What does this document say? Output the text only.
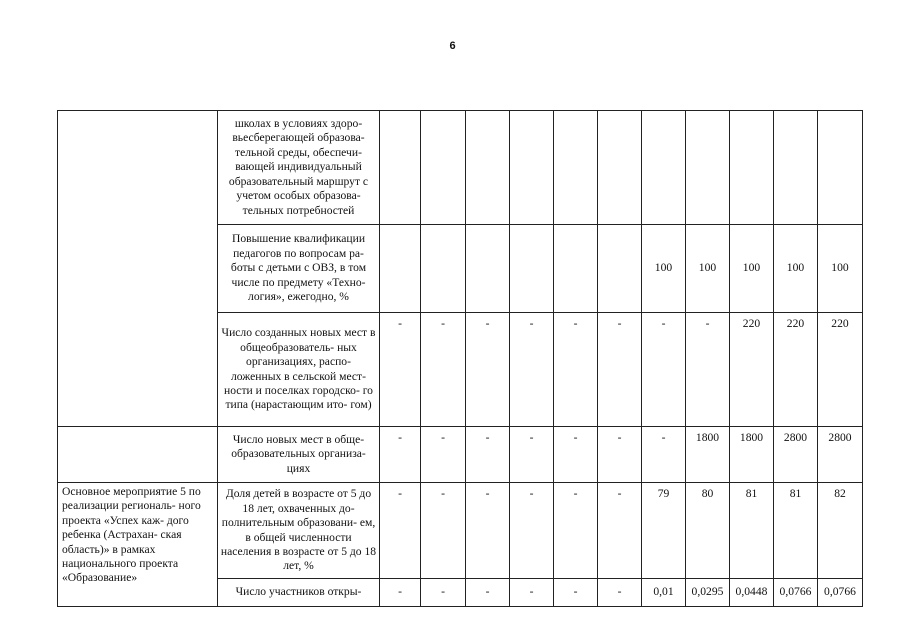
6
	школах в условиях здоро- вьесберегающей образова- тельной среды, обеспечи- вающей индивидуальный образовательный маршрут с учетом особых образова- тельных потребностей												
	Повышение квалификации педагогов по вопросам ра- боты с детьми с ОВЗ, в том числе по предмету «Техно- логия», ежегодно, %							100	100	100	100	100	
	Число созданных новых мест в общеобразователь- ных организациях, распо- ложенных в сельской мест- ности и поселках городско- го типа (нарастающим ито- гом)	-	-	-	-	-	-	-	-	220	220	220	
	Число новых мест в обще- образовательных организа- циях	-	-	-	-	-	-	-	1800	1800	2800	2800	
Основное мероприятие 5 по реализации региональ- ного проекта «Успех каж- дого ребенка (Астрахан- ская область)» в рамках национального проекта «Образование»	Доля детей в возрасте от 5 до 18 лет, охваченных до- полнительным образовани- ем, в общей численности населения в возрасте от 5 до 18 лет, %	-	-	-	-	-	-	79	80	81	81	82	
	Число участников откры-	-	-	-	-	-	-	0,01	0,0295	0,0448	0,0766	0,0766	
